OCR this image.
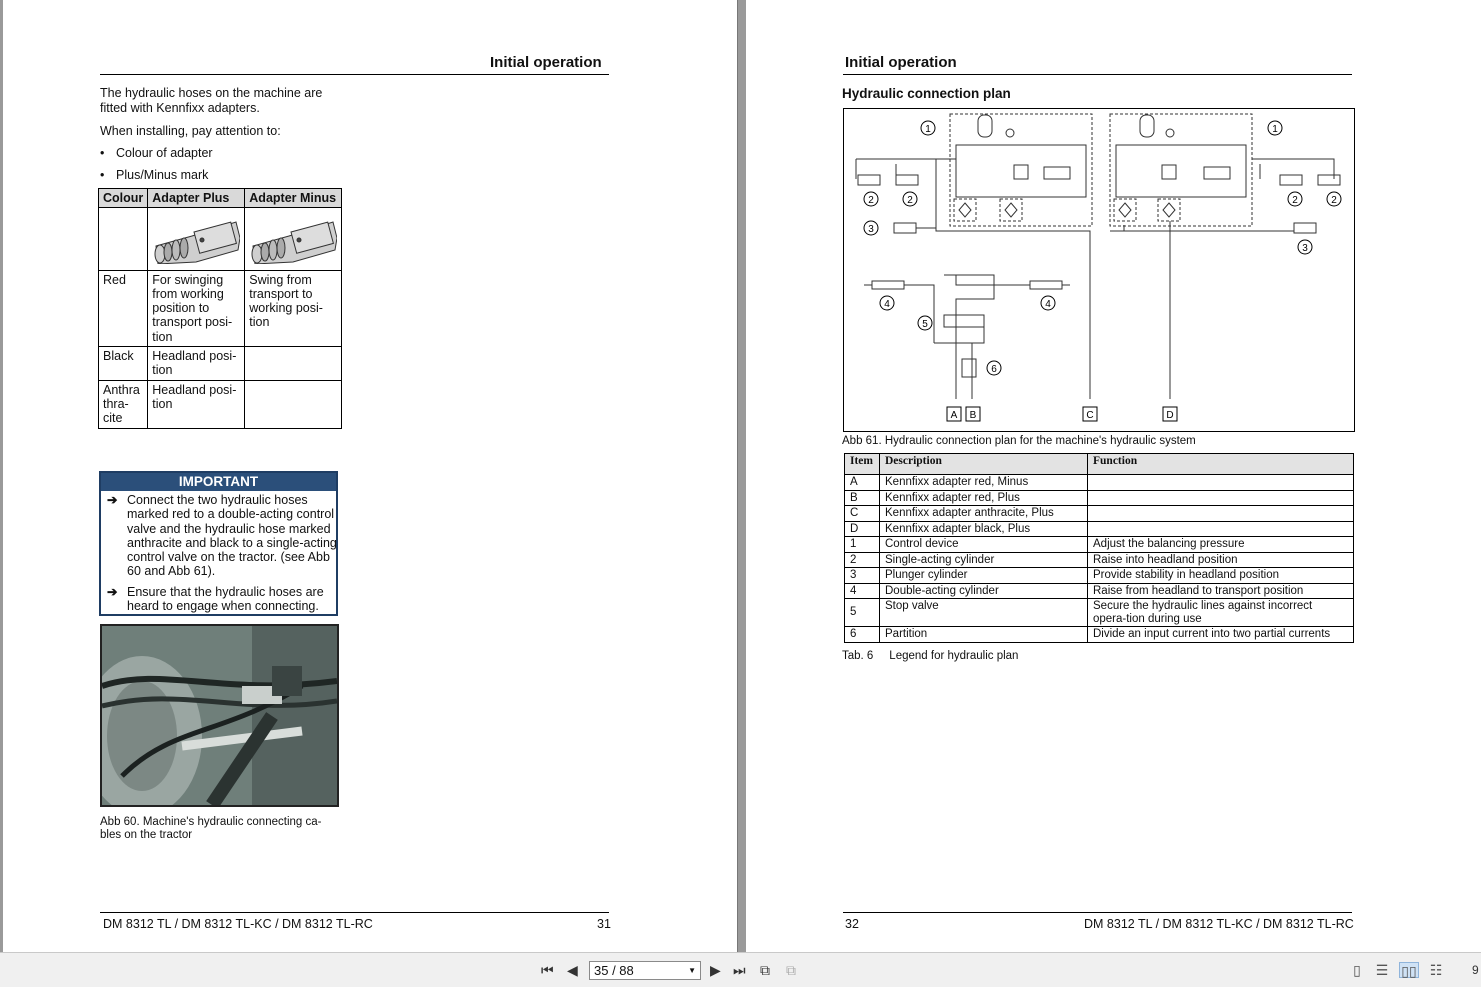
Initial operation
The hydraulic hoses on the machine are
fitted with Kennfixx adapters.
When installing, pay attention to:
• Colour of adapter
• Plus/Minus mark
Colour	Adapter Plus	Adapter Minus

Red	For swinging from working position to transport posi-tion	Swing from transport to working posi-tion
Black	Headland posi-tion	
Anthra thra-cite	Headland posi-tion	
IMPORTANT
➔ Connect the two hydraulic hoses marked red to a double-acting control valve and the hydraulic hose marked anthracite and black to a single-acting control valve on the tractor. (see Abb 60 and Abb 61).
➔ Ensure that the hydraulic hoses are heard to engage when connecting.
Abb 60. Machine's hydraulic connecting ca-
bles on the tractor
DM 8312 TL / DM 8312 TL-KC / DM 8312 TL-RC	31
Initial operation
Hydraulic connection plan
1	1
2	2	2	2
3
3
4	4
5
6
A B	C	D
Abb 61. Hydraulic connection plan for the machine's hydraulic system
Item	Description	Function
A	Kennfixx adapter red, Minus	
B	Kennfixx adapter red, Plus	
C	Kennfixx adapter anthracite, Plus	
D	Kennfixx adapter black, Plus	
1	Control device	Adjust the balancing pressure
2	Single-acting cylinder	Raise into headland position
3	Plunger cylinder	Provide stability in headland position
4	Double-acting cylinder	Raise from headland to transport position
5	Stop valve	Secure the hydraulic lines against incorrect opera-tion during use
6	Partition	Divide an input current into two partial currents
Tab. 6     Legend for hydraulic plan
32	DM 8312 TL / DM 8312 TL-KC / DM 8312 TL-RC
⏮ ◀	35 / 88	▼ ▶ ⏭ ⧉ ⧉	▯	☰ ▯▯ ☷	9
